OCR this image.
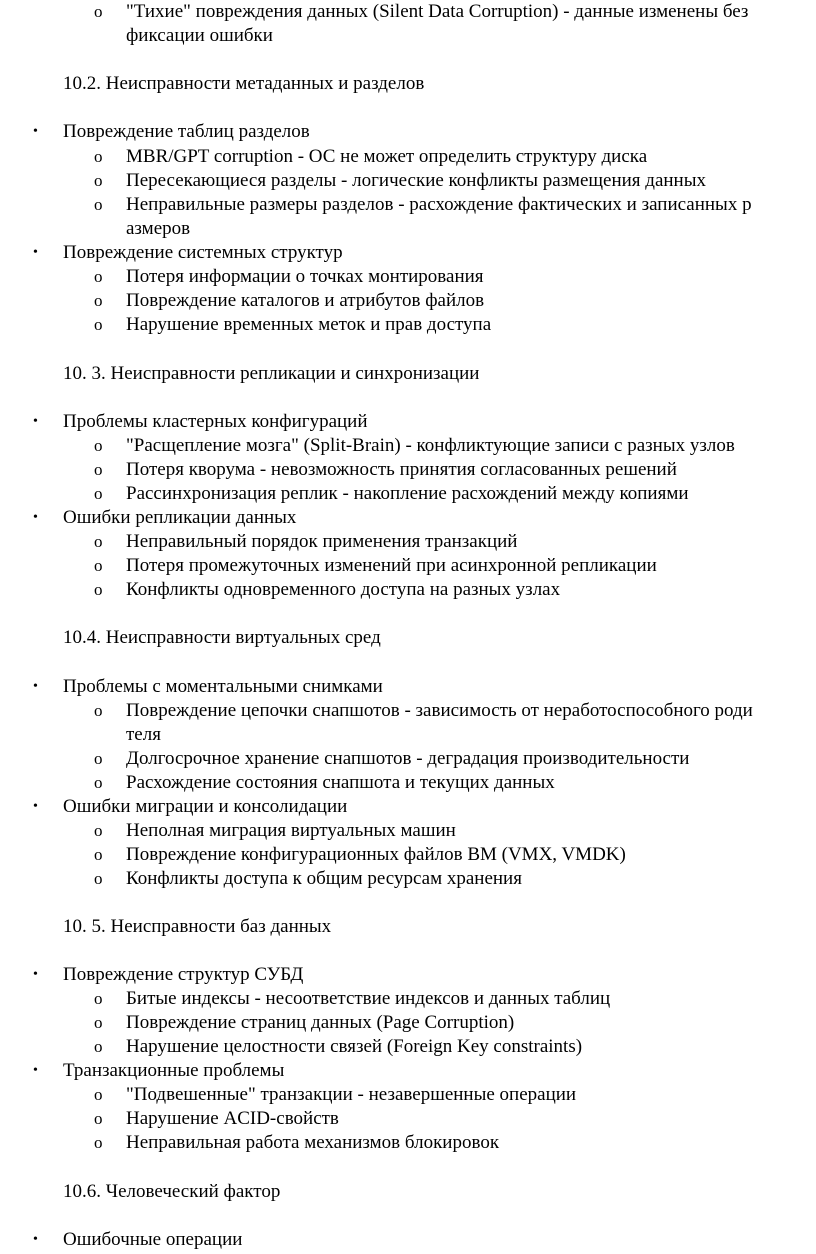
o "Тихие" повреждения данных (Silent Data Corruption) - данные изменены без
фиксации ошибки
10.2. Неисправности метаданных и разделов
• Повреждение таблиц разделов
o MBR/GPT corruption - ОС не может определить структуру диска
o Пересекающиеся разделы - логические конфликты размещения данных
o Неправильные размеры разделов - расхождение фактических и записанных р
азмеров
• Повреждение системных структур
o Потеря информации о точках монтирования
o Повреждение каталогов и атрибутов файлов
o Нарушение временных меток и прав доступа
10. 3. Неисправности репликации и синхронизации
• Проблемы кластерных конфигураций
o "Расщепление мозга" (Split-Brain) - конфликтующие записи с разных узлов
o Потеря кворума - невозможность принятия согласованных решений
o Рассинхронизация реплик - накопление расхождений между копиями
• Ошибки репликации данных
o Неправильный порядок применения транзакций
o Потеря промежуточных изменений при асинхронной репликации
o Конфликты одновременного доступа на разных узлах
10.4. Неисправности виртуальных сред
• Проблемы с моментальными снимками
o Повреждение цепочки снапшотов - зависимость от неработоспособного роди
теля
o Долгосрочное хранение снапшотов - деградация производительности
o Расхождение состояния снапшота и текущих данных
• Ошибки миграции и консолидации
o Неполная миграция виртуальных машин
o Повреждение конфигурационных файлов ВМ (VMX, VMDK)
o Конфликты доступа к общим ресурсам хранения
10. 5. Неисправности баз данных
• Повреждение структур СУБД
o Битые индексы - несоответствие индексов и данных таблиц
o Повреждение страниц данных (Page Corruption)
o Нарушение целостности связей (Foreign Key constraints)
• Транзакционные проблемы
o "Подвешенные" транзакции - незавершенные операции
o Нарушение ACID-свойств
o Неправильная работа механизмов блокировок
10.6. Человеческий фактор
• Ошибочные операции
